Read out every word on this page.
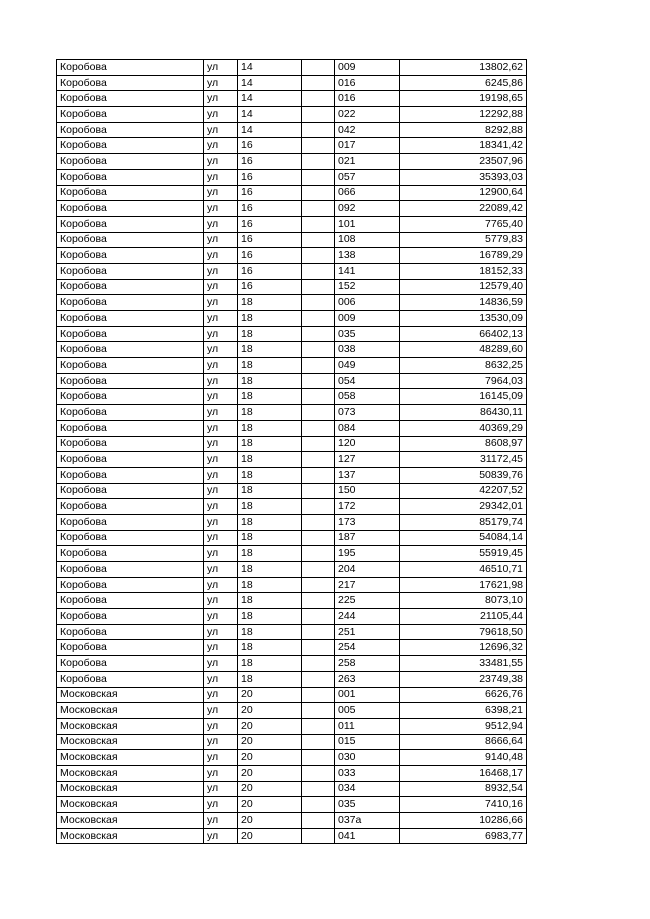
Коробова	ул	14		009	13802,62
Коробова	ул	14		016	6245,86
Коробова	ул	14		016	19198,65
Коробова	ул	14		022	12292,88
Коробова	ул	14		042	8292,88
Коробова	ул	16		017	18341,42
Коробова	ул	16		021	23507,96
Коробова	ул	16		057	35393,03
Коробова	ул	16		066	12900,64
Коробова	ул	16		092	22089,42
Коробова	ул	16		101	7765,40
Коробова	ул	16		108	5779,83
Коробова	ул	16		138	16789,29
Коробова	ул	16		141	18152,33
Коробова	ул	16		152	12579,40
Коробова	ул	18		006	14836,59
Коробова	ул	18		009	13530,09
Коробова	ул	18		035	66402,13
Коробова	ул	18		038	48289,60
Коробова	ул	18		049	8632,25
Коробова	ул	18		054	7964,03
Коробова	ул	18		058	16145,09
Коробова	ул	18		073	86430,11
Коробова	ул	18		084	40369,29
Коробова	ул	18		120	8608,97
Коробова	ул	18		127	31172,45
Коробова	ул	18		137	50839,76
Коробова	ул	18		150	42207,52
Коробова	ул	18		172	29342,01
Коробова	ул	18		173	85179,74
Коробова	ул	18		187	54084,14
Коробова	ул	18		195	55919,45
Коробова	ул	18		204	46510,71
Коробова	ул	18		217	17621,98
Коробова	ул	18		225	8073,10
Коробова	ул	18		244	21105,44
Коробова	ул	18		251	79618,50
Коробова	ул	18		254	12696,32
Коробова	ул	18		258	33481,55
Коробова	ул	18		263	23749,38
Московская	ул	20		001	6626,76
Московская	ул	20		005	6398,21
Московская	ул	20		011	9512,94
Московская	ул	20		015	8666,64
Московская	ул	20		030	9140,48
Московская	ул	20		033	16468,17
Московская	ул	20		034	8932,54
Московская	ул	20		035	7410,16
Московская	ул	20		037а	10286,66
Московская	ул	20		041	6983,77
